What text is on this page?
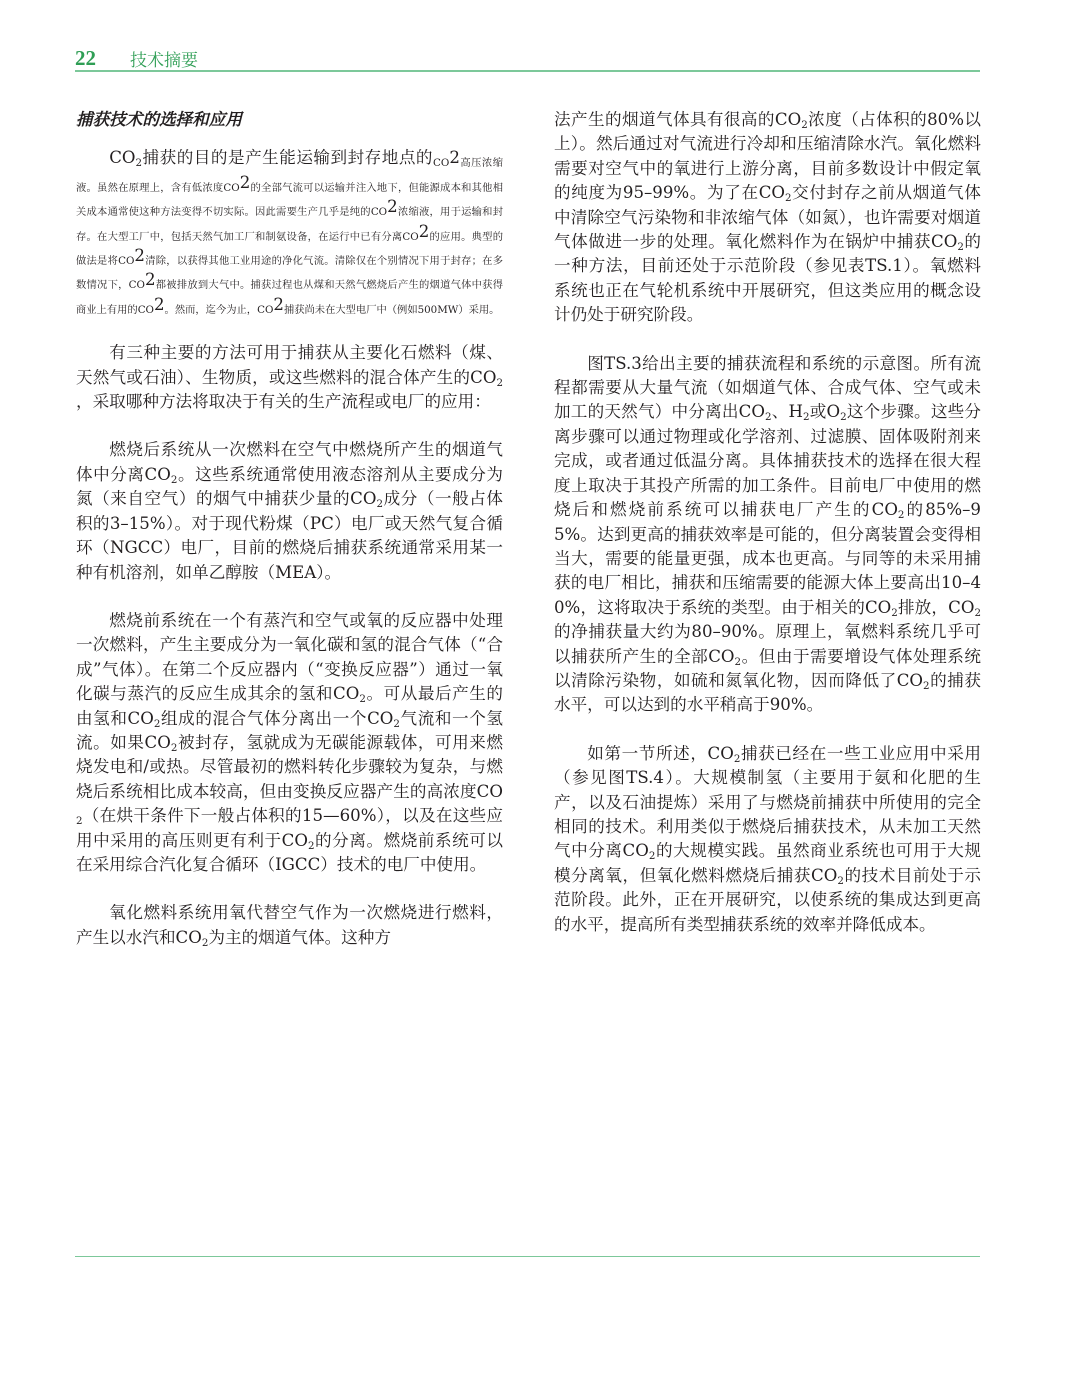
22 技术摘要
捕获技术的选择和应用

$CO_2$捕获的目的是产生能运输到封存地点的$_{CO}2_{高压浓缩液。虽然在原理上,含有低浓度CO}2_{的全部气流可以运输并注入地下,但能源成本和其他相关成本通常使这种方法变得不切实际。因此需要生产几乎是纯的CO}2_{浓缩液,用于运输和封存。在大型工厂中,包括天然气加工厂和制氨设备,在运行中已有分离CO}2_{的应用。典型的做法是将CO}2_{清除,以获得其他工业用途的净化气流。清除仅在个别情况下用于封存;在多数情况下,CO}2_{都被排放到大气中。捕获过程也从煤和天然气燃烧后产生的烟道气体中获得商业上有用的CO}2_{。然而,迄今为止,CO}2_{捕获尚未在大型电厂中(例如500MW)采用。}$

有三种主要的方法可用于捕获从主要化石燃料（煤、天然气或石油）、生物质，或这些燃料的混合体产生的$CO_2$ ，采取哪种方法将取决于有关的生产流程或电厂的应用：

燃烧后系统从一次燃料在空气中燃烧所产生的烟道气体中分离$CO_2$。这些系统通常使用液态溶剂从主要成分为氮（来自空气）的烟气中捕获少量的$CO_2$成分（一般占体积的3–15%）。对于现代粉煤（PC）电厂或天然气复合循环（NGCC）电厂，目前的燃烧后捕获系统通常采用某一种有机溶剂，如单乙醇胺（MEA）。

燃烧前系统在一个有蒸汽和空气或氧的反应器中处理一次燃料，产生主要成分为一氧化碳和氢的混合气体（“合成”气体）。在第二个反应器内（“变换反应器”）通过一氧化碳与蒸汽的反应生成其余的氢和$CO_2$。可从最后产生的由氢和$CO_2$组成的混合气体分离出一个$CO_2$气流和一个氢流。如果$CO_2$被封存，氢就成为无碳能源载体，可用来燃烧发电和/或热。尽管最初的燃料转化步骤较为复杂，与燃烧后系统相比成本较高，但由变换反应器产生的高浓度$CO_2$（在烘干条件下一般占体积的15—60%），以及在这些应用中采用的高压则更有利于$CO_2$的分离。燃烧前系统可以在采用综合汽化复合循环（IGCC）技术的电厂中使用。

氧化燃料系统用氧代替空气作为一次燃烧进行燃料，产生以水汽和$CO_2$为主的烟道气体。这种方

法产生的烟道气体具有很高的$CO_2$浓度（占体积的80%以上）。然后通过对气流进行冷却和压缩清除水汽。氧化燃料需要对空气中的氧进行上游分离，目前多数设计中假定氧的纯度为95–99%。为了在$CO_2$交付封存之前从烟道气体中清除空气污染物和非浓缩气体（如氮），也许需要对烟道气体做进一步的处理。氧化燃料作为在锅炉中捕获$CO_2$的一种方法，目前还处于示范阶段（参见表TS.1）。氧燃料系统也正在气轮机系统中开展研究，但这类应用的概念设计仍处于研究阶段。

图TS.3给出主要的捕获流程和系统的示意图。所有流程都需要从大量气流（如烟道气体、合成气体、空气或未加工的天然气）中分离出$CO_2$、$H_2$或$O_2$这个步骤。这些分离步骤可以通过物理或化学溶剂、过滤膜、固体吸附剂来完成，或者通过低温分离。具体捕获技术的选择在很大程度上取决于其投产所需的加工条件。目前电厂中使用的燃烧后和燃烧前系统可以捕获电厂产生的$CO_2$的85%–95%。达到更高的捕获效率是可能的，但分离装置会变得相当大，需要的能量更强，成本也更高。与同等的未采用捕获的电厂相比，捕获和压缩需要的能源大体上要高出10–40%，这将取决于系统的类型。由于相关的$CO_2$排放，$CO_2$的净捕获量大约为80–90%。原理上，氧燃料系统几乎可以捕获所产生的全部$CO_2$。但由于需要增设气体处理系统以清除污染物，如硫和氮氧化物，因而降低了$CO_2$的捕获水平，可以达到的水平稍高于90%。

如第一节所述，$CO_2$捕获已经在一些工业应用中采用（参见图TS.4）。大规模制氢（主要用于氨和化肥的生产，以及石油提炼）采用了与燃烧前捕获中所使用的完全相同的技术。利用类似于燃烧后捕获技术，从未加工天然气中分离$CO_2$的大规模实践。虽然商业系统也可用于大规模分离氧，但氧化燃料燃烧后捕获$CO_2$的技术目前处于示范阶段。此外，正在开展研究，以使系统的集成达到更高的水平，提高所有类型捕获系统的效率并降低成本。
